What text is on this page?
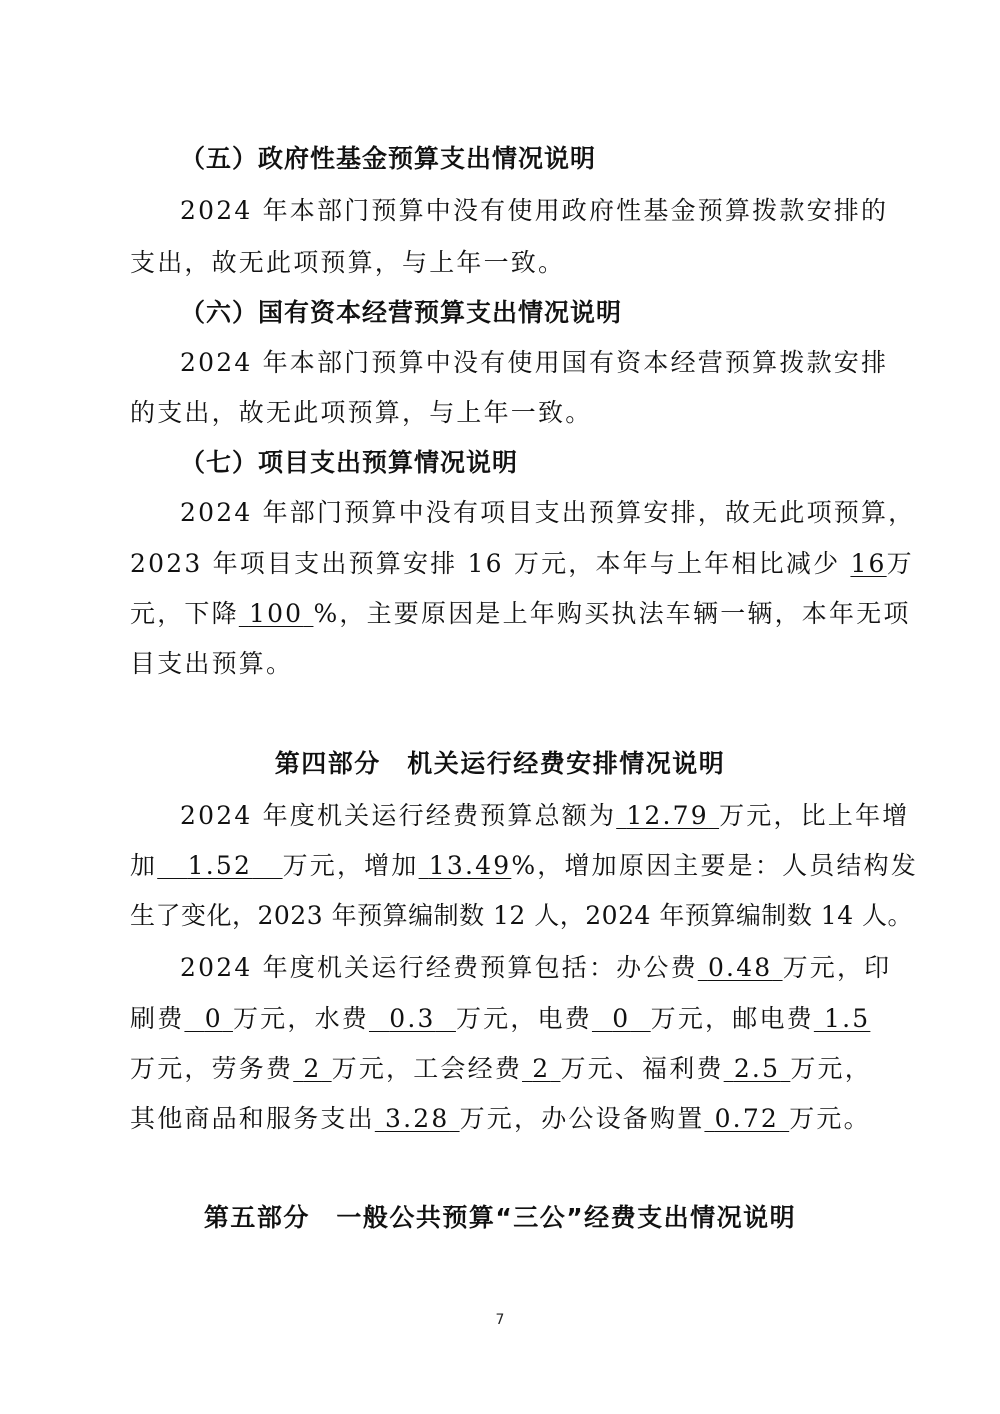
（五）政府性基金预算支出情况说明
2024 年本部门预算中没有使用政府性基金预算拨款安排的
支出，故无此项预算，与上年一致。
（六）国有资本经营预算支出情况说明
2024 年本部门预算中没有使用国有资本经营预算拨款安排
的支出，故无此项预算，与上年一致。
（七）项目支出预算情况说明
2024 年部门预算中没有项目支出预算安排，故无此项预算，
2023 年项目支出预算安排 16 万元，本年与上年相比减少 16万
元，下降 100 %，主要原因是上年购买执法车辆一辆，本年无项
目支出预算。
第四部分　机关运行经费安排情况说明
2024 年度机关运行经费预算总额为 12.79 万元，比上年增
加 1.52 万元，增加 13.49%，增加原因主要是：人员结构发
生了变化，2023 年预算编制数 12 人，2024 年预算编制数 14 人。
2024 年度机关运行经费预算包括：办公费 0.48 万元，印
刷费 0 万元，水费 0.3 万元，电费 0 万元，邮电费 1.5
万元，劳务费 2 万元，工会经费 2 万元、福利费 2.5 万元，
其他商品和服务支出 3.28 万元，办公设备购置 0.72 万元。
第五部分　一般公共预算“三公”经费支出情况说明
7
